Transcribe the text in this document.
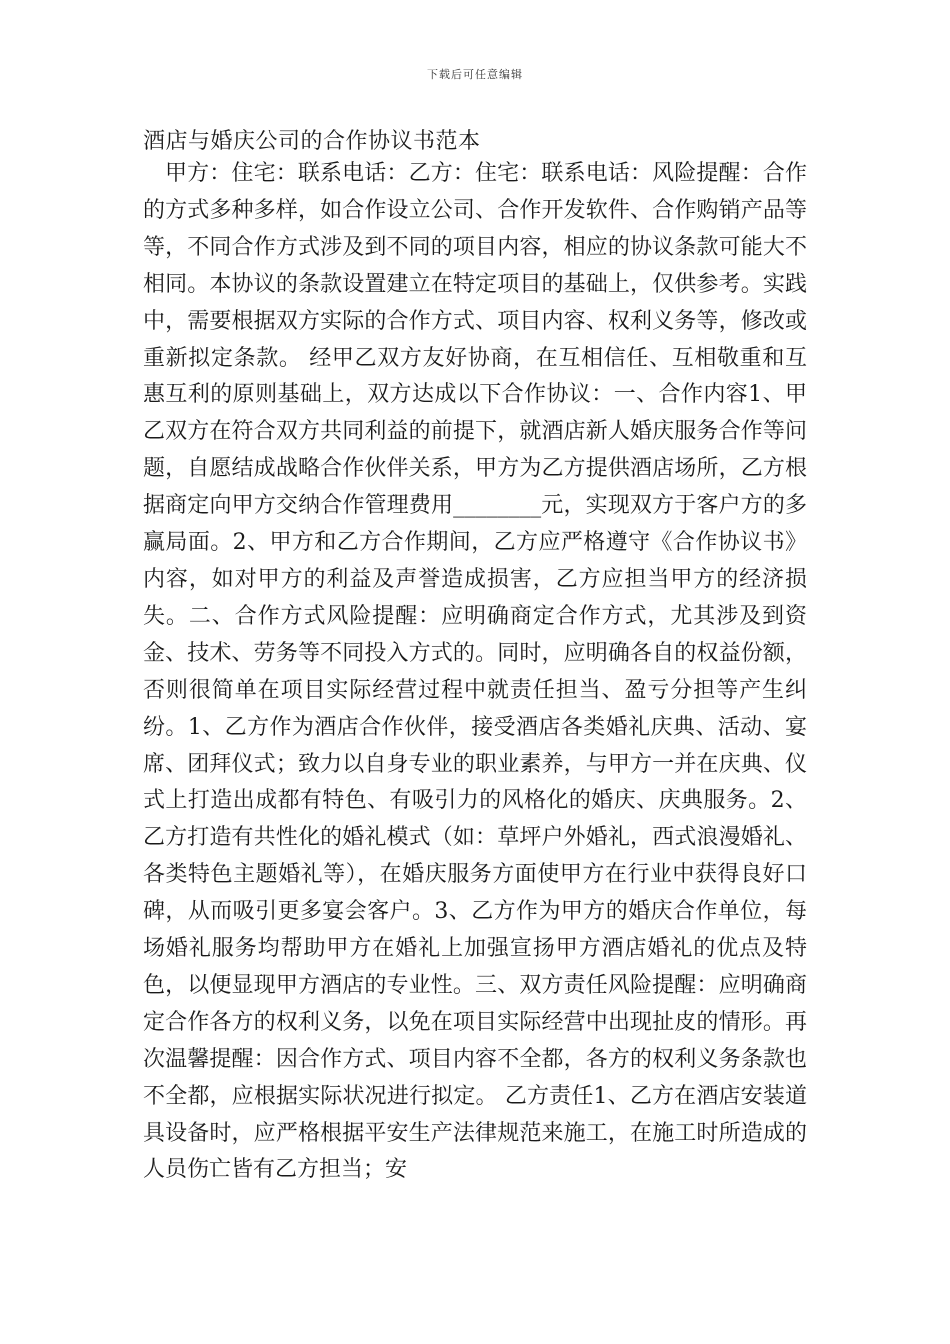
下载后可任意编辑
酒店与婚庆公司的合作协议书范本

甲方：住宅：联系电话：乙方：住宅：联系电话：风险提醒：合作的方式多种多样，如合作设立公司、合作开发软件、合作购销产品等等，不同合作方式涉及到不同的项目内容，相应的协议条款可能大不相同。本协议的条款设置建立在特定项目的基础上，仅供参考。实践中，需要根据双方实际的合作方式、项目内容、权利义务等，修改或重新拟定条款。 经甲乙双方友好协商，在互相信任、互相敬重和互惠互利的原则基础上，双方达成以下合作协议：一、合作内容1、甲乙双方在符合双方共同利益的前提下，就酒店新人婚庆服务合作等问题，自愿结成战略合作伙伴关系，甲方为乙方提供酒店场所，乙方根据商定向甲方交纳合作管理费用________元，实现双方于客户方的多赢局面。2、甲方和乙方合作期间，乙方应严格遵守《合作协议书》内容，如对甲方的利益及声誉造成损害，乙方应担当甲方的经济损失。二、合作方式风险提醒：应明确商定合作方式，尤其涉及到资金、技术、劳务等不同投入方式的。同时，应明确各自的权益份额，否则很简单在项目实际经营过程中就责任担当、盈亏分担等产生纠纷。1、乙方作为酒店合作伙伴，接受酒店各类婚礼庆典、活动、宴席、团拜仪式；致力以自身专业的职业素养，与甲方一并在庆典、仪式上打造出成都有特色、有吸引力的风格化的婚庆、庆典服务。2、乙方打造有共性化的婚礼模式（如：草坪户外婚礼，西式浪漫婚礼、各类特色主题婚礼等），在婚庆服务方面使甲方在行业中获得良好口碑，从而吸引更多宴会客户。3、乙方作为甲方的婚庆合作单位，每场婚礼服务均帮助甲方在婚礼上加强宣扬甲方酒店婚礼的优点及特色，以便显现甲方酒店的专业性。三、双方责任风险提醒：应明确商定合作各方的权利义务，以免在项目实际经营中出现扯皮的情形。再次温馨提醒：因合作方式、项目内容不全都，各方的权利义务条款也不全都，应根据实际状况进行拟定。 乙方责任1、乙方在酒店安装道具设备时，应严格根据平安生产法律规范来施工，在施工时所造成的人员伤亡皆有乙方担当；安
